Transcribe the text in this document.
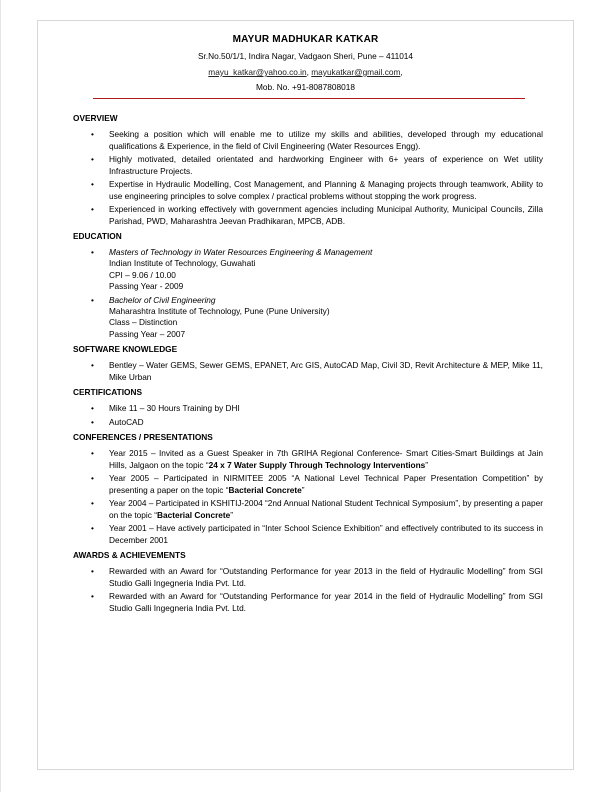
MAYUR MADHUKAR KATKAR
Sr.No.50/1/1, Indira Nagar, Vadgaon Sheri, Pune – 411014
mayu_katkar@yahoo.co.in, mayukatkar@gmail.com,
Mob. No. +91-8087808018
OVERVIEW
• Seeking a position which will enable me to utilize my skills and abilities, developed through my educational qualifications & Experience, in the field of Civil Engineering (Water Resources Engg).
• Highly motivated, detailed orientated and hardworking Engineer with 6+ years of experience on Wet utility Infrastructure Projects.
• Expertise in Hydraulic Modelling, Cost Management, and Planning & Managing projects through teamwork, Ability to use engineering principles to solve complex / practical problems without stopping the work progress.
• Experienced in working effectively with government agencies including Municipal Authority, Municipal Councils, Zilla Parishad, PWD, Maharashtra Jeevan Pradhikaran, MPCB, ADB.
EDUCATION
• Masters of Technology in Water Resources Engineering & Management
Indian Institute of Technology, Guwahati
CPI – 9.06 / 10.00
Passing Year - 2009
• Bachelor of Civil Engineering
Maharashtra Institute of Technology, Pune (Pune University)
Class – Distinction
Passing Year – 2007
SOFTWARE KNOWLEDGE
• Bentley – Water GEMS, Sewer GEMS, EPANET, Arc GIS, AutoCAD Map, Civil 3D, Revit Architecture & MEP, Mike 11, Mike Urban
CERTIFICATIONS
• Mike 11 – 30 Hours Training by DHI
• AutoCAD
CONFERENCES / PRESENTATIONS
• Year 2015 – Invited as a Guest Speaker in 7th GRIHA Regional Conference- Smart Cities-Smart Buildings at Jain Hills, Jalgaon on the topic “24 x 7 Water Supply Through Technology Interventions”
• Year 2005 – Participated in NIRMITEE 2005 “A National Level Technical Paper Presentation Competition” by presenting a paper on the topic “Bacterial Concrete”
• Year 2004 – Participated in KSHITIJ-2004 “2nd Annual National Student Technical Symposium”, by presenting a paper on the topic “Bacterial Concrete”
• Year 2001 – Have actively participated in “Inter School Science Exhibition” and effectively contributed to its success in December 2001
AWARDS & ACHIEVEMENTS
• Rewarded with an Award for “Outstanding Performance for year 2013 in the field of Hydraulic Modelling” from SGI Studio Galli Ingegneria India Pvt. Ltd.
• Rewarded with an Award for “Outstanding Performance for year 2014 in the field of Hydraulic Modelling” from SGI Studio Galli Ingegneria India Pvt. Ltd.
